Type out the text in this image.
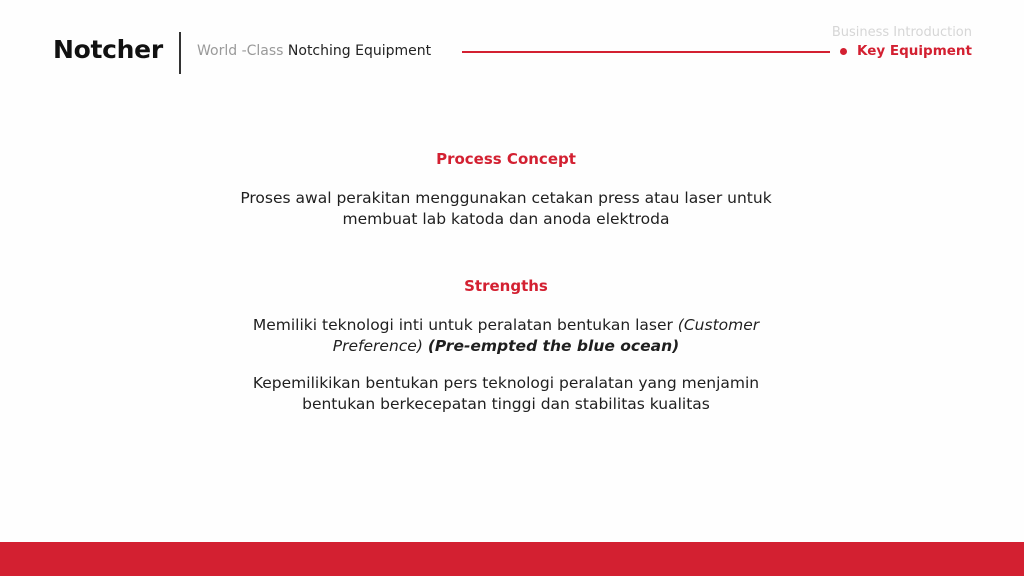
Notcher World -Class Notching Equipment
Business Introduction
Key Equipment
Process Concept
Proses awal perakitan menggunakan cetakan press atau laser untuk
membuat lab katoda dan anoda elektroda
Strengths
Memiliki teknologi inti untuk peralatan bentukan laser (Customer
Preference) (Pre-empted the blue ocean)
Kepemilikikan bentukan pers teknologi peralatan yang menjamin
bentukan berkecepatan tinggi dan stabilitas kualitas
